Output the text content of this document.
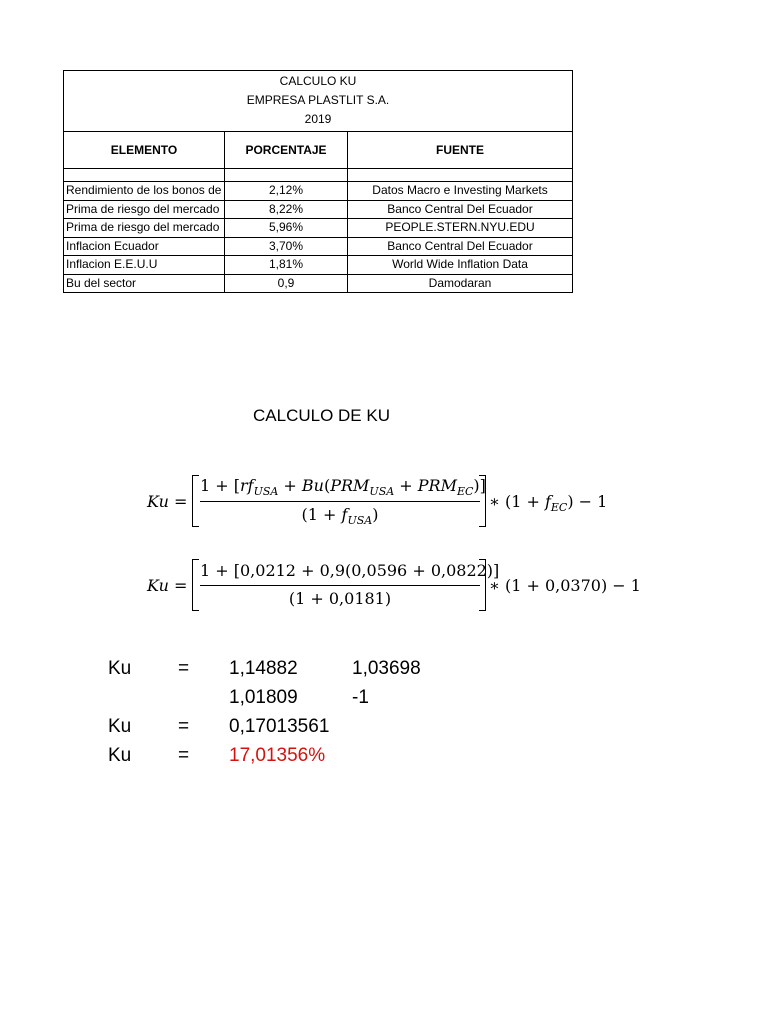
CALCULO KU
EMPRESA PLASTLIT S.A.
2019		

ELEMENTO	PORCENTAJE	FUENTE

Rendimiento de los bonos de	2,12%	Datos Macro e Investing Markets
Prima de riesgo del mercado	8,22%	Banco Central Del Ecuador
Prima de riesgo del mercado	5,96%	PEOPLE.STERN.NYU.EDU
Inflacion Ecuador	3,70%	Banco Central Del Ecuador
Inflacion E.E.U.U	1,81%	World Wide Inflation Data
Bu del sector	0,9	Damodaran
CALCULO DE KU
Ku =
$1 + [rf_{USA} + Bu(PRM_{USA} + PRM_{EC})]$
$(1 + f_{USA})$
∗ $(1 + f_{EC}) - 1$
Ku =
1 + [0,0212 + 0,9(0,0596 + 0,0822)]
(1 + 0,0181)
∗ (1 + 0,0370) − 1
Ku = 1,14882	1,03698
1,01809	-1
Ku = 0,17013561
Ku = 17,01356%
